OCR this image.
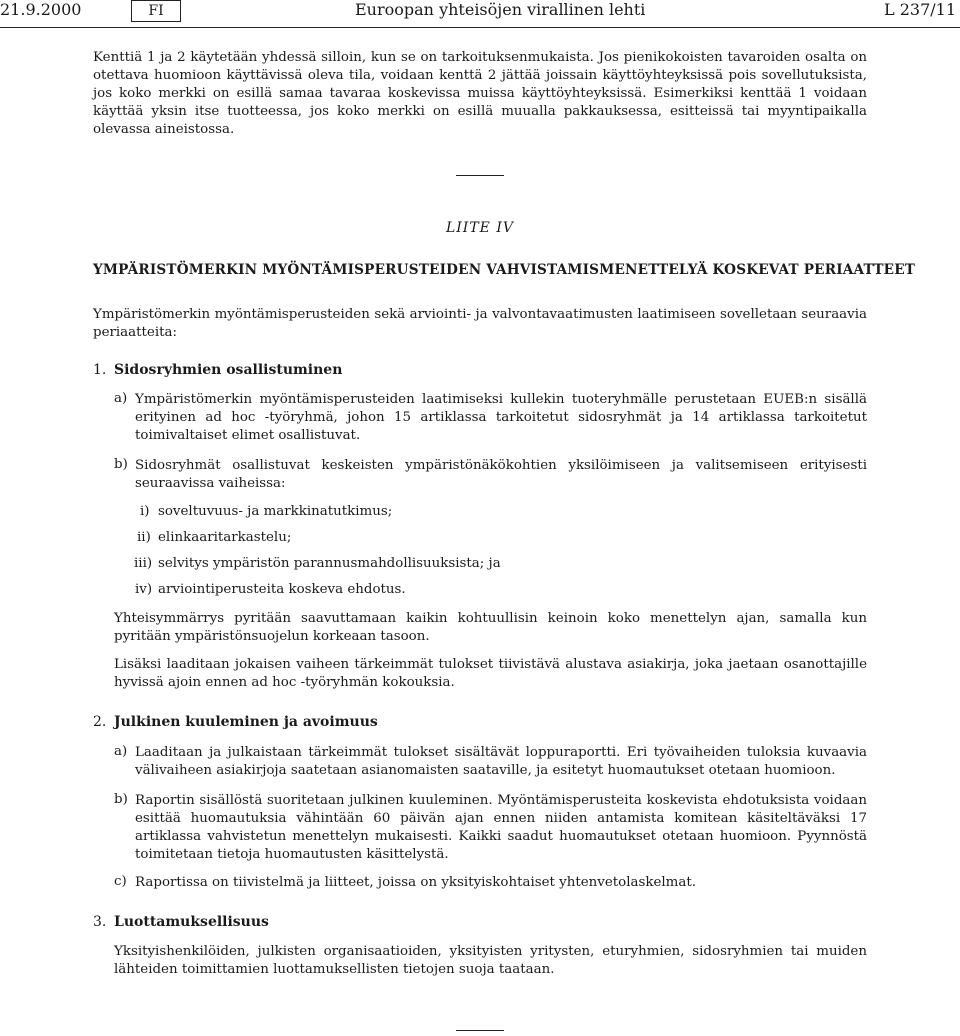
21.9.2000	FI	Euroopan yhteisöjen virallinen lehti	L 237/11

Kenttiä 1 ja 2 käytetään yhdessä silloin, kun se on tarkoituksenmukaista. Jos pienikokoisten tavaroiden osalta on otettava huomioon käyttävissä oleva tila, voidaan kenttä 2 jättää joissain käyttöyhteyksissä pois sovellutuksista, jos koko merkki on esillä samaa tavaraa koskevissa muissa käyttöyhteyksissä. Esimerkiksi kenttää 1 voidaan käyttää yksin itse tuotteessa, jos koko merkki on esillä muualla pakkauksessa, esitteissä tai myyntipaikalla olevassa aineistossa.

LIITE IV
YMPÄRISTÖMERKIN MYÖNTÄMISPERUSTEIDEN VAHVISTAMISMENETTELYÄ KOSKEVAT PERIAATTEET

Ympäristömerkin myöntämisperusteiden sekä arviointi- ja valvontavaatimusten laatimiseen sovelletaan seuraavia periaatteita:

1. Sidosryhmien osallistuminen
a) Ympäristömerkin myöntämisperusteiden laatimiseksi kullekin tuoteryhmälle perustetaan EUEB:n sisällä erityinen ad hoc -työryhmä, johon 15 artiklassa tarkoitetut sidosryhmät ja 14 artiklassa tarkoitetut toimivaltaiset elimet osallistuvat.

b) Sidosryhmät osallistuvat keskeisten ympäristönäkökohtien yksilöimiseen ja valitsemiseen erityisesti seuraavissa vaiheissa:

i) soveltuvuus- ja markkinatutkimus;
ii) elinkaaritarkastelu;
iii) selvitys ympäristön parannusmahdollisuuksista; ja
iv) arviointiperusteita koskeva ehdotus.

Yhteisymmärrys pyritään saavuttamaan kaikin kohtuullisin keinoin koko menettelyn ajan, samalla kun pyritään ympäristönsuojelun korkeaan tasoon.

Lisäksi laaditaan jokaisen vaiheen tärkeimmät tulokset tiivistävä alustava asiakirja, joka jaetaan osanottajille hyvissä ajoin ennen ad hoc -työryhmän kokouksia.

2. Julkinen kuuleminen ja avoimuus
a) Laaditaan ja julkaistaan tärkeimmät tulokset sisältävät loppuraportti. Eri työvaiheiden tuloksia kuvaavia välivaiheen asiakirjoja saatetaan asianomaisten saataville, ja esitetyt huomautukset otetaan huomioon.

b) Raportin sisällöstä suoritetaan julkinen kuuleminen. Myöntämisperusteita koskevista ehdotuksista voidaan esittää huomautuksia vähintään 60 päivän ajan ennen niiden antamista komitean käsiteltäväksi 17 artiklassa vahvistetun menettelyn mukaisesti. Kaikki saadut huomautukset otetaan huomioon. Pyynnöstä toimitetaan tietoja huomautusten käsittelystä.

c) Raportissa on tiivistelmä ja liitteet, joissa on yksityiskohtaiset yhtenvetolaskelmat.

3. Luottamuksellisuus

Yksityishenkilöiden, julkisten organisaatioiden, yksityisten yritysten, eturyhmien, sidosryhmien tai muiden lähteiden toimittamien luottamuksellisten tietojen suoja taataan.
